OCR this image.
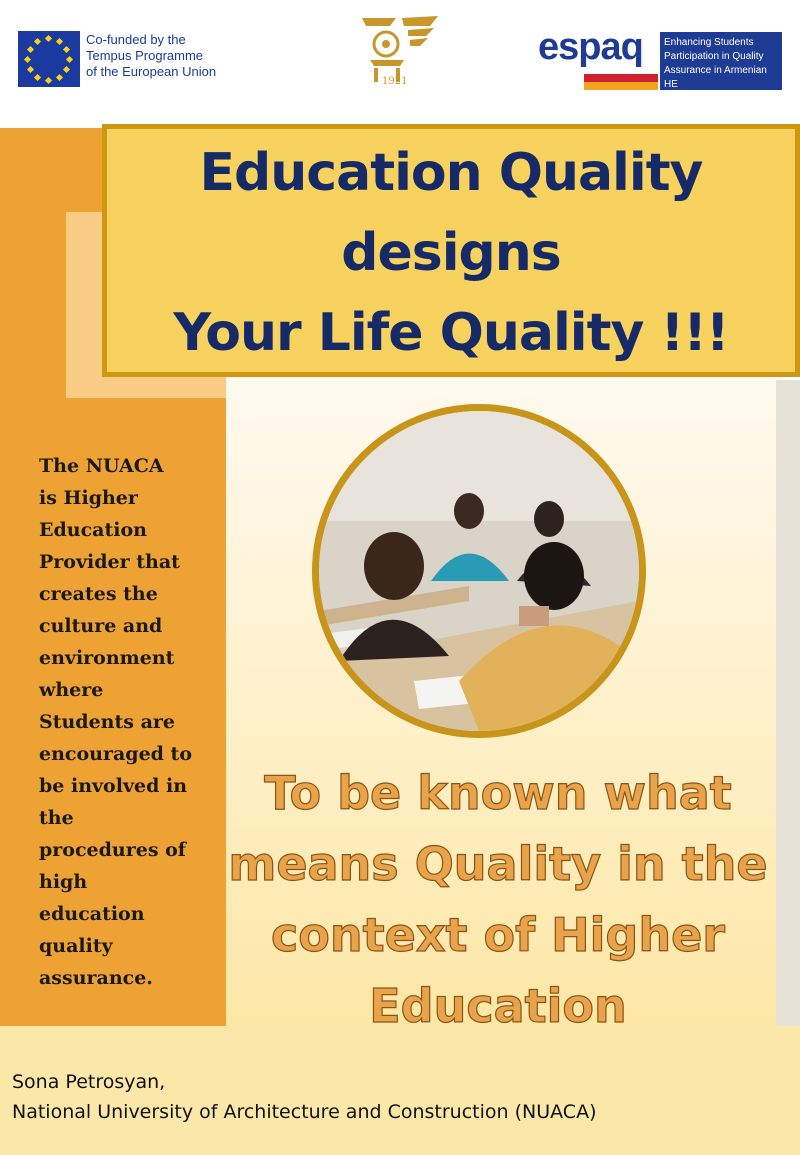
Co-funded by the
Tempus Programme
of the European Union
1921
espaq Enhancing Students
Participation in Quality
Assurance in Armenian HE
Education Quality
designs
Your Life Quality !!!
The NUACA
is Higher
Education
Provider that
creates the
culture and
environment
where
Students are
encouraged to
be involved in
the
procedures of
high
education
quality
assurance.
To be known what
means Quality in the
context of Higher
Education
Sona Petrosyan,
National University of Architecture and Construction (NUACA)
